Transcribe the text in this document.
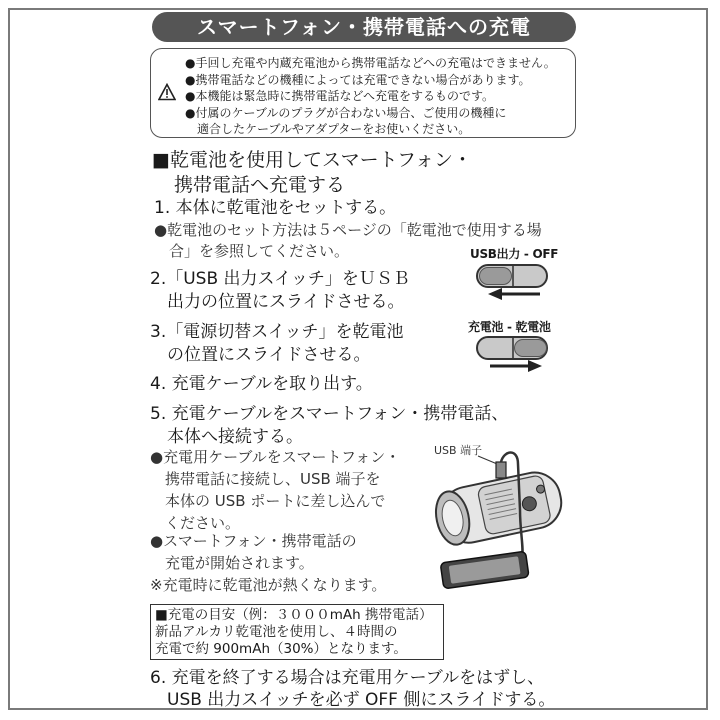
スマートフォン・携帯電話への充電
●手回し充電や内蔵充電池から携帯電話などへの充電はできません。
●携帯電話などの機種によっては充電できない場合があります。
●本機能は緊急時に携帯電話などへ充電をするものです。
●付属のケーブルのプラグが合わない場合、ご使用の機種に
　適合したケーブルやアダプターをお使いください。
■乾電池を使用してスマートフォン・
携帯電話へ充電する
1. 本体に乾電池をセットする。
●乾電池のセット方法は５ページの「乾電池で使用する場
　合」を参照してください。
2.「USB 出力スイッチ」をＵＳＢ
　出力の位置にスライドさせる。
3.「電源切替スイッチ」を乾電池
　の位置にスライドさせる。
4. 充電ケーブルを取り出す。
5. 充電ケーブルをスマートフォン・携帯電話、
　本体へ接続する。
●充電用ケーブルをスマートフォン・
　携帯電話に接続し、USB 端子を
　本体の USB ポートに差し込んで
　ください。
●スマートフォン・携帯電話の
　充電が開始されます。
※充電時に乾電池が熱くなります。
USB出力 - OFF
充電池 - 乾電池
USB 端子
■充電の目安（例：３０００mAh 携帯電話）
新品アルカリ乾電池を使用し、４時間の
充電で約 900mAh（30%）となります。
6. 充電を終了する場合は充電用ケーブルをはずし、
　USB 出力スイッチを必ず OFF 側にスライドする。
